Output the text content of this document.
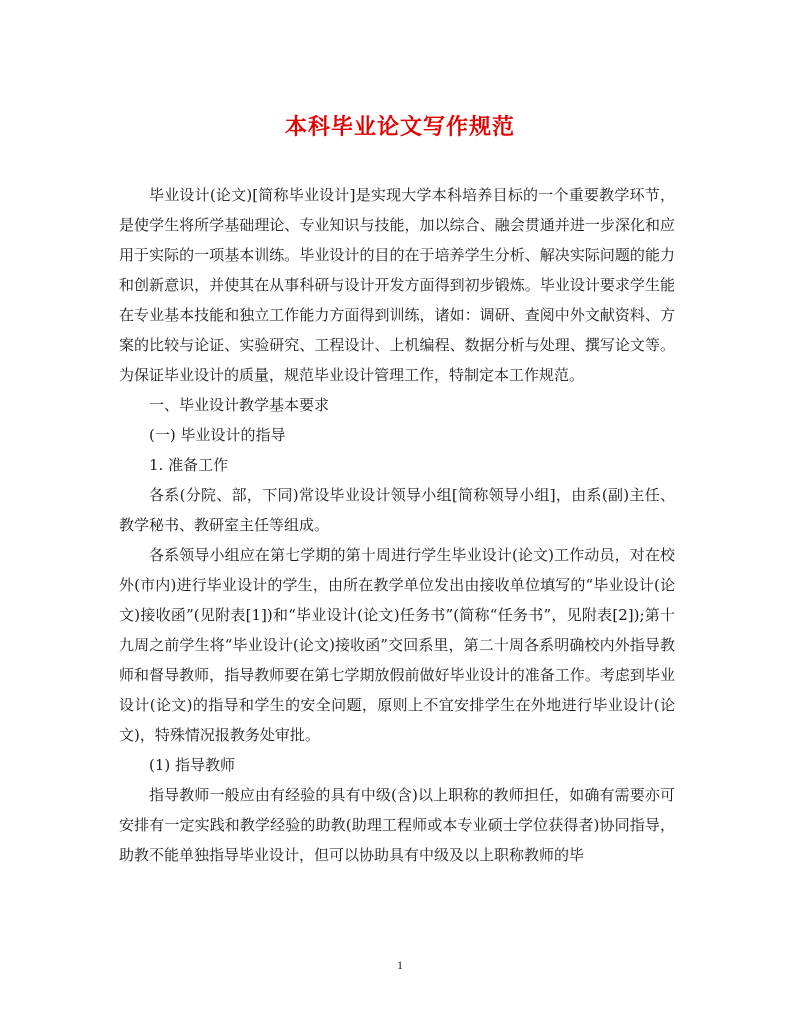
本科毕业论文写作规范

毕业设计(论文)[简称毕业设计]是实现大学本科培养目标的一个重要教学环节，是使学生将所学基础理论、专业知识与技能，加以综合、融会贯通并进一步深化和应用于实际的一项基本训练。毕业设计的目的在于培养学生分析、解决实际问题的能力和创新意识，并使其在从事科研与设计开发方面得到初步锻炼。毕业设计要求学生能在专业基本技能和独立工作能力方面得到训练，诸如：调研、查阅中外文献资料、方案的比较与论证、实验研究、工程设计、上机编程、数据分析与处理、撰写论文等。为保证毕业设计的质量，规范毕业设计管理工作，特制定本工作规范。

一、毕业设计教学基本要求

(一) 毕业设计的指导

1. 准备工作

各系(分院、部，下同)常设毕业设计领导小组[简称领导小组]，由系(副)主任、教学秘书、教研室主任等组成。

各系领导小组应在第七学期的第十周进行学生毕业设计(论文)工作动员，对在校外(市内)进行毕业设计的学生，由所在教学单位发出由接收单位填写的“毕业设计(论文)接收函”(见附表[1])和“毕业设计(论文)任务书”(简称“任务书”，见附表[2]);第十九周之前学生将“毕业设计(论文)接收函”交回系里，第二十周各系明确校内外指导教师和督导教师，指导教师要在第七学期放假前做好毕业设计的准备工作。考虑到毕业设计(论文)的指导和学生的安全问题，原则上不宜安排学生在外地进行毕业设计(论文)，特殊情况报教务处审批。

(1) 指导教师

指导教师一般应由有经验的具有中级(含)以上职称的教师担任，如确有需要亦可安排有一定实践和教学经验的助教(助理工程师或本专业硕士学位获得者)协同指导，助教不能单独指导毕业设计，但可以协助具有中级及以上职称教师的毕

1
